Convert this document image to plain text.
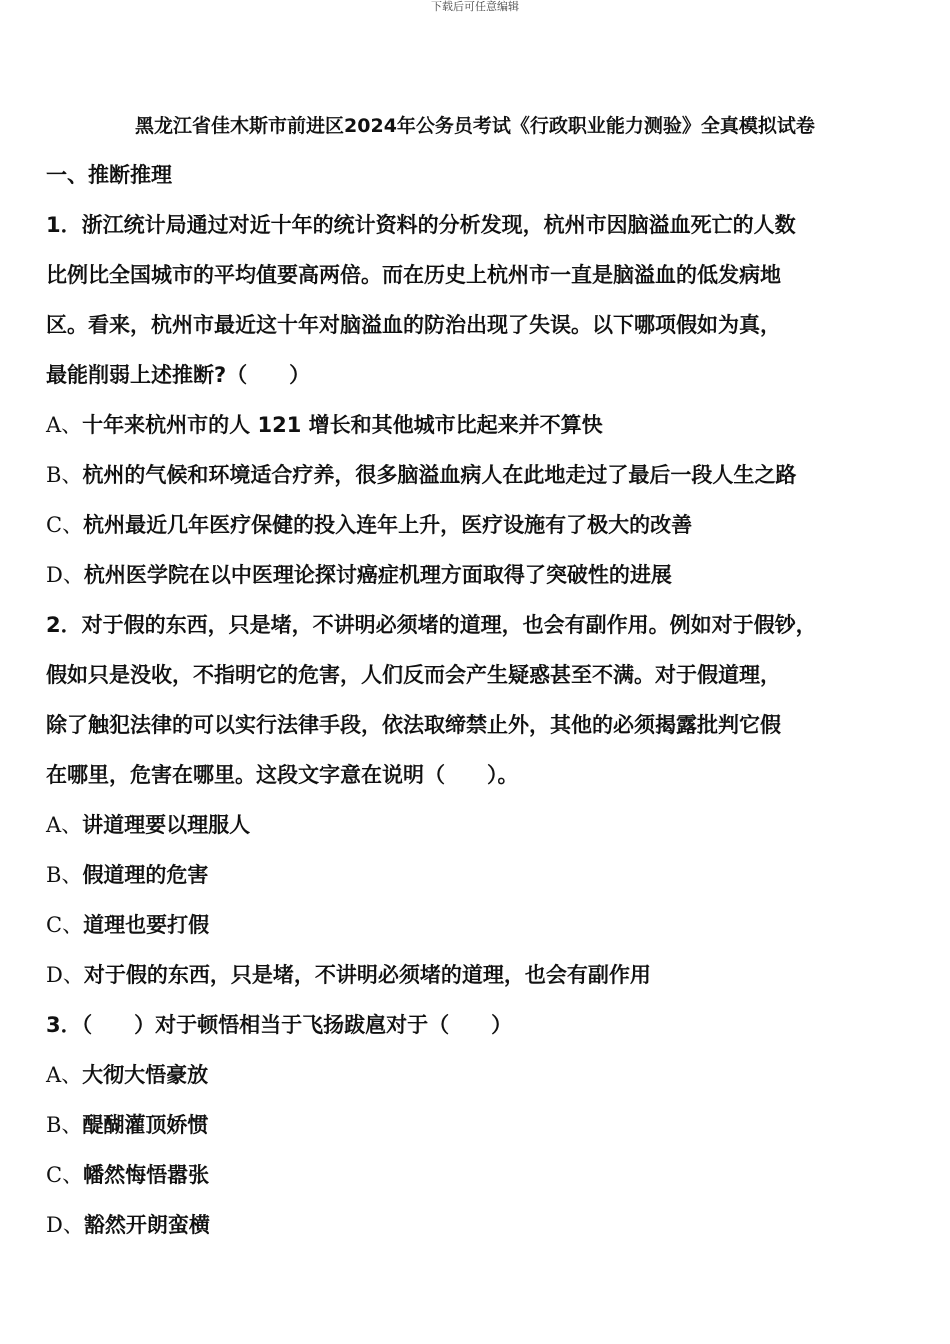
下载后可任意编辑
黑龙江省佳木斯市前进区2024年公务员考试《行政职业能力测验》全真模拟试卷
一、推断推理
1．浙江统计局通过对近十年的统计资料的分析发现，杭州市因脑溢血死亡的人数
比例比全国城市的平均值要高两倍。而在历史上杭州市一直是脑溢血的低发病地
区。看来，杭州市最近这十年对脑溢血的防治出现了失误。以下哪项假如为真，
最能削弱上述推断?（　　）
A、十年来杭州市的人 121 增长和其他城市比起来并不算快
B、杭州的气候和环境适合疗养，很多脑溢血病人在此地走过了最后一段人生之路
C、杭州最近几年医疗保健的投入连年上升，医疗设施有了极大的改善
D、杭州医学院在以中医理论探讨癌症机理方面取得了突破性的进展
2．对于假的东西，只是堵，不讲明必须堵的道理，也会有副作用。例如对于假钞，
假如只是没收，不指明它的危害，人们反而会产生疑惑甚至不满。对于假道理，
除了触犯法律的可以实行法律手段，依法取缔禁止外，其他的必须揭露批判它假
在哪里，危害在哪里。这段文字意在说明（　　）。
A、讲道理要以理服人
B、假道理的危害
C、道理也要打假
D、对于假的东西，只是堵，不讲明必须堵的道理，也会有副作用
3．（　　）对于顿悟相当于飞扬跋扈对于（　　）
A、大彻大悟豪放
B、醍醐灌顶娇惯
C、幡然悔悟嚣张
D、豁然开朗蛮横
